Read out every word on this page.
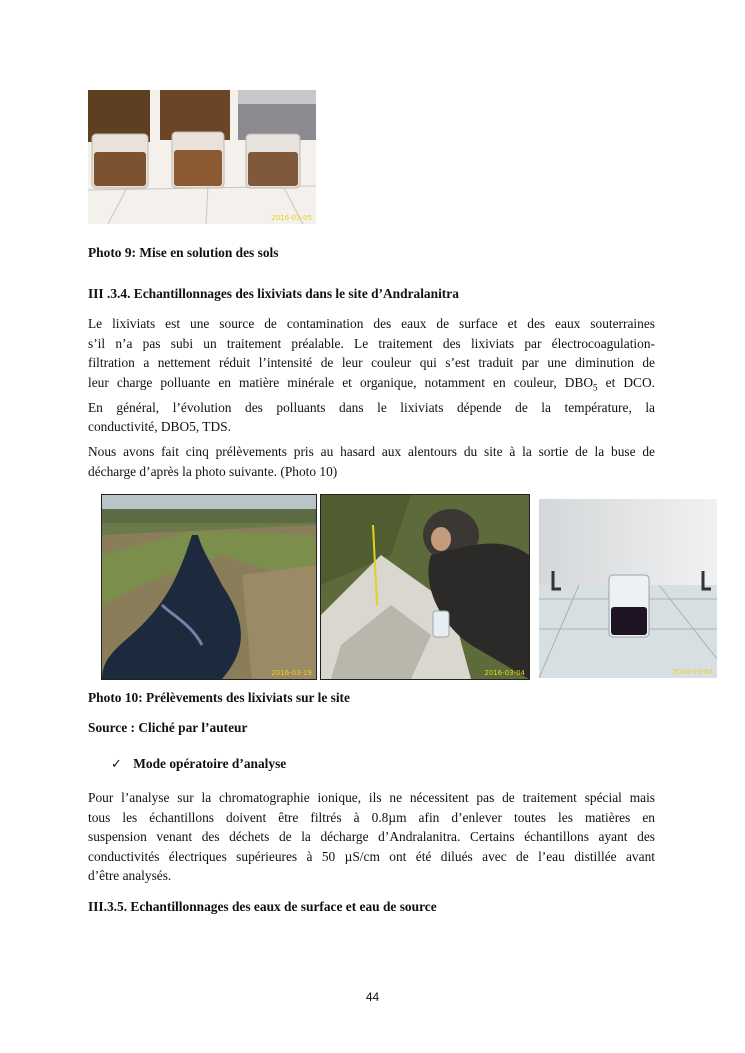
2016-03-05
Photo 9: Mise en solution des sols
III .3.4. Echantillonnages des lixiviats dans le site d’Andralanitra

Le lixiviats est une source de contamination des eaux de surface et des eaux souterraines

s’il n’a pas subi un traitement préalable. Le traitement des lixiviats par électrocoagulation-

filtration a nettement réduit l’intensité de leur couleur qui s’est traduit par une diminution de

leur charge polluante en matière minérale et organique, notamment en couleur, $DBO_5$ et DCO.

En général, l’évolution des polluants dans le lixiviats dépende de la température, la

conductivité, DBO5, TDS.

Nous avons fait cinq prélèvements pris au hasard aux alentours du site à la sortie de la buse de

décharge d’après la photo suivante. (Photo 10)

2016-03-19	2016-03-04	2016-03-04
Photo 10: Prélèvements des lixiviats sur le site
Source : Cliché par l’auteur
✓ Mode opératoire d’analyse

Pour l’analyse sur la chromatographie ionique, ils ne nécessitent pas de traitement spécial mais

tous les échantillons doivent être filtrés à 0.8µm afin d’enlever toutes les matières en

suspension venant des déchets de la décharge d’Andralanitra. Certains échantillons ayant des

conductivités électriques supérieures à 50 µS/cm ont été dilués avec de l’eau distillée avant

d’être analysés.

III.3.5. Echantillonnages des eaux de surface et eau de source
44
